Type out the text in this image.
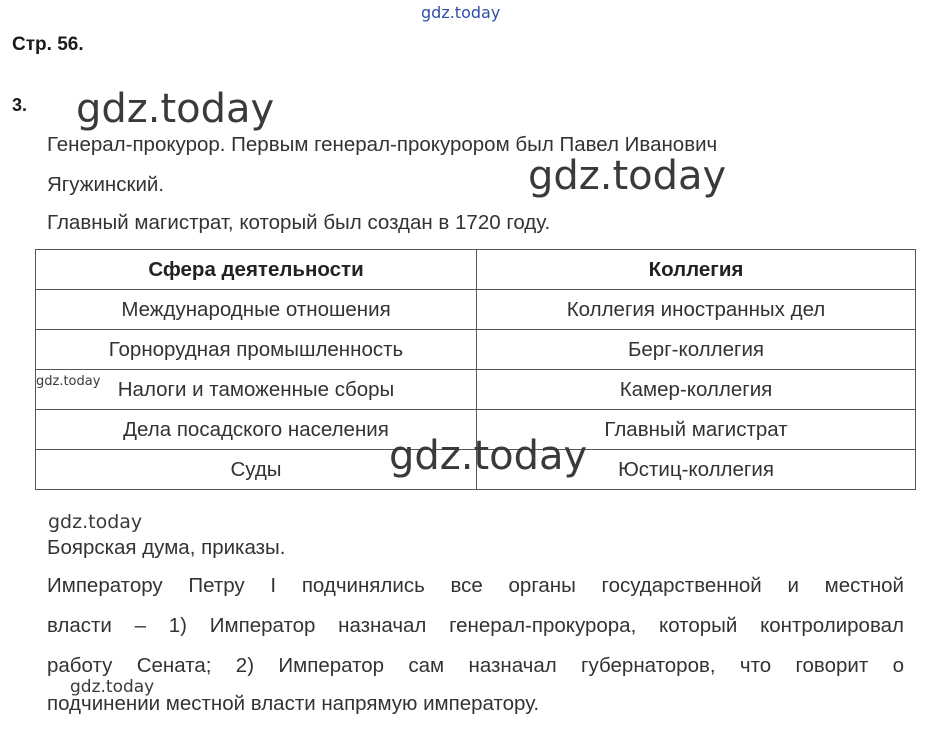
gdz.today
Стр. 56.
3. gdz.today
Генерал-прокурор. Первым генерал-прокурором был Павел Иванович
Ягужинский.	gdz.today
Главный магистрат, который был создан в 1720 году.
Сфера деятельности	Коллегия
Международные отношения	Коллегия иностранных дел
Горнорудная промышленность	Берг-коллегия
Налоги и таможенные сборы	Камер-коллегия
Дела посадского населения	Главный магистрат
Суды	Юстиц-коллегия
gdz.today
gdz.today
gdz.today
Боярская дума, приказы.
Императору Петру I подчинялись все органы государственной и местной
власти – 1) Император назначал генерал-прокурора, который контролировал
работу Сената; 2) Император сам назначал губернаторов, что говорит о
gdz.today
подчинении местной власти напрямую императору.
